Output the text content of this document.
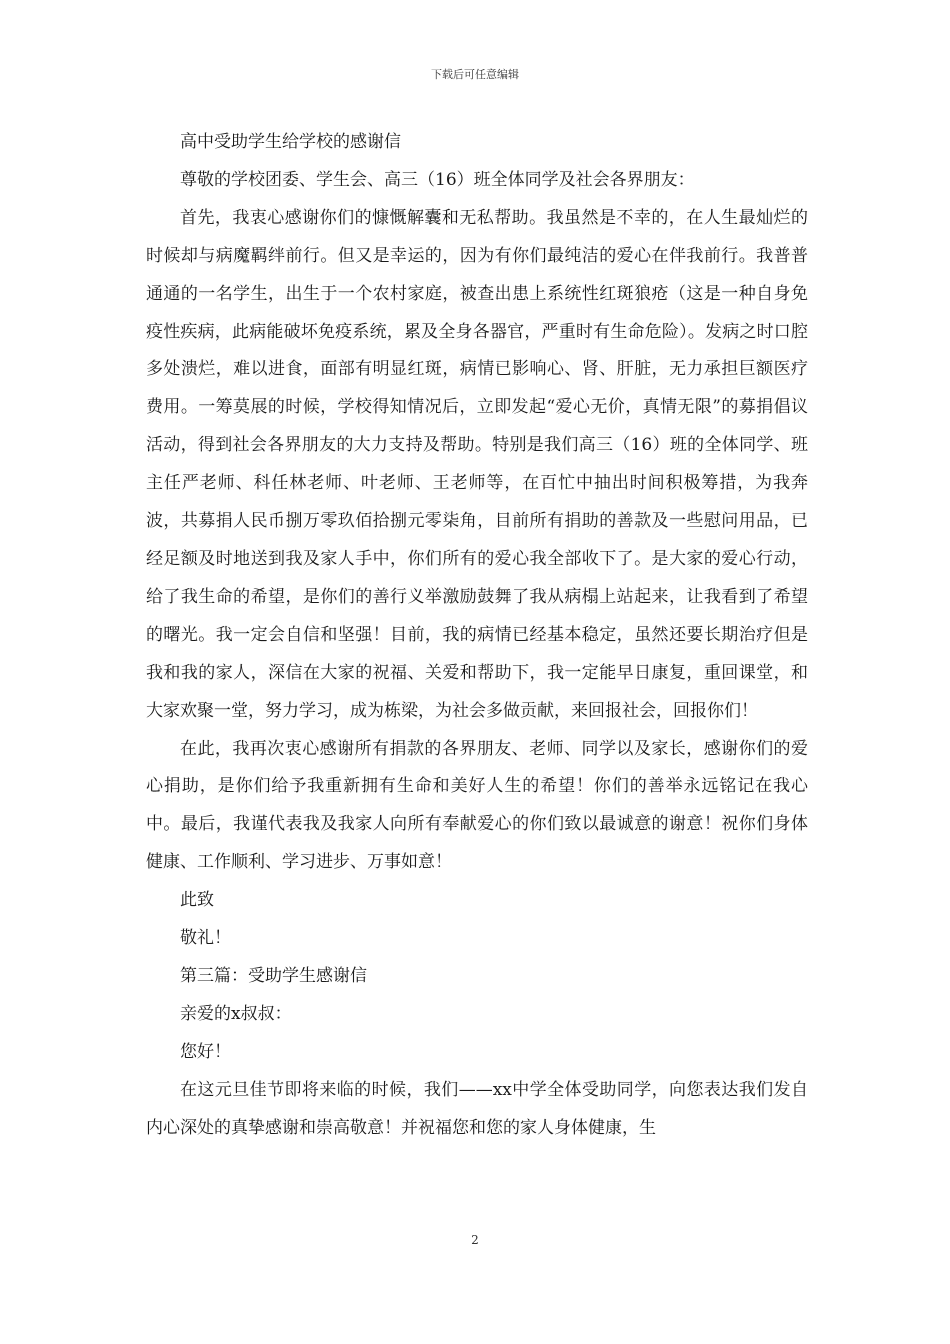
下载后可任意编辑

高中受助学生给学校的感谢信

尊敬的学校团委、学生会、高三（16）班全体同学及社会各界朋友：

首先，我衷心感谢你们的慷慨解囊和无私帮助。我虽然是不幸的，在人生最灿烂的时候却与病魔羁绊前行。但又是幸运的，因为有你们最纯洁的爱心在伴我前行。我普普通通的一名学生，出生于一个农村家庭，被查出患上系统性红斑狼疮（这是一种自身免疫性疾病，此病能破坏免疫系统，累及全身各器官，严重时有生命危险）。发病之时口腔多处溃烂，难以进食，面部有明显红斑，病情已影响心、肾、肝脏，无力承担巨额医疗费用。一筹莫展的时候，学校得知情况后，立即发起“爱心无价，真情无限”的募捐倡议活动，得到社会各界朋友的大力支持及帮助。特别是我们高三（16）班的全体同学、班主任严老师、科任林老师、叶老师、王老师等，在百忙中抽出时间积极筹措，为我奔波，共募捐人民币捌万零玖佰拾捌元零柒角，目前所有捐助的善款及一些慰问用品，已经足额及时地送到我及家人手中，你们所有的爱心我全部收下了。是大家的爱心行动，给了我生命的希望，是你们的善行义举激励鼓舞了我从病榻上站起来，让我看到了希望的曙光。我一定会自信和坚强！目前，我的病情已经基本稳定，虽然还要长期治疗但是我和我的家人，深信在大家的祝福、关爱和帮助下，我一定能早日康复，重回课堂，和大家欢聚一堂，努力学习，成为栋梁，为社会多做贡献，来回报社会，回报你们！

在此，我再次衷心感谢所有捐款的各界朋友、老师、同学以及家长，感谢你们的爱心捐助，是你们给予我重新拥有生命和美好人生的希望！你们的善举永远铭记在我心中。最后，我谨代表我及我家人向所有奉献爱心的你们致以最诚意的谢意！祝你们身体健康、工作顺利、学习进步、万事如意！

此致

敬礼！

第三篇：受助学生感谢信

亲爱的x叔叔：

您好！

在这元旦佳节即将来临的时候，我们——xx中学全体受助同学，向您表达我们发自内心深处的真挚感谢和崇高敬意！并祝福您和您的家人身体健康，生

2
